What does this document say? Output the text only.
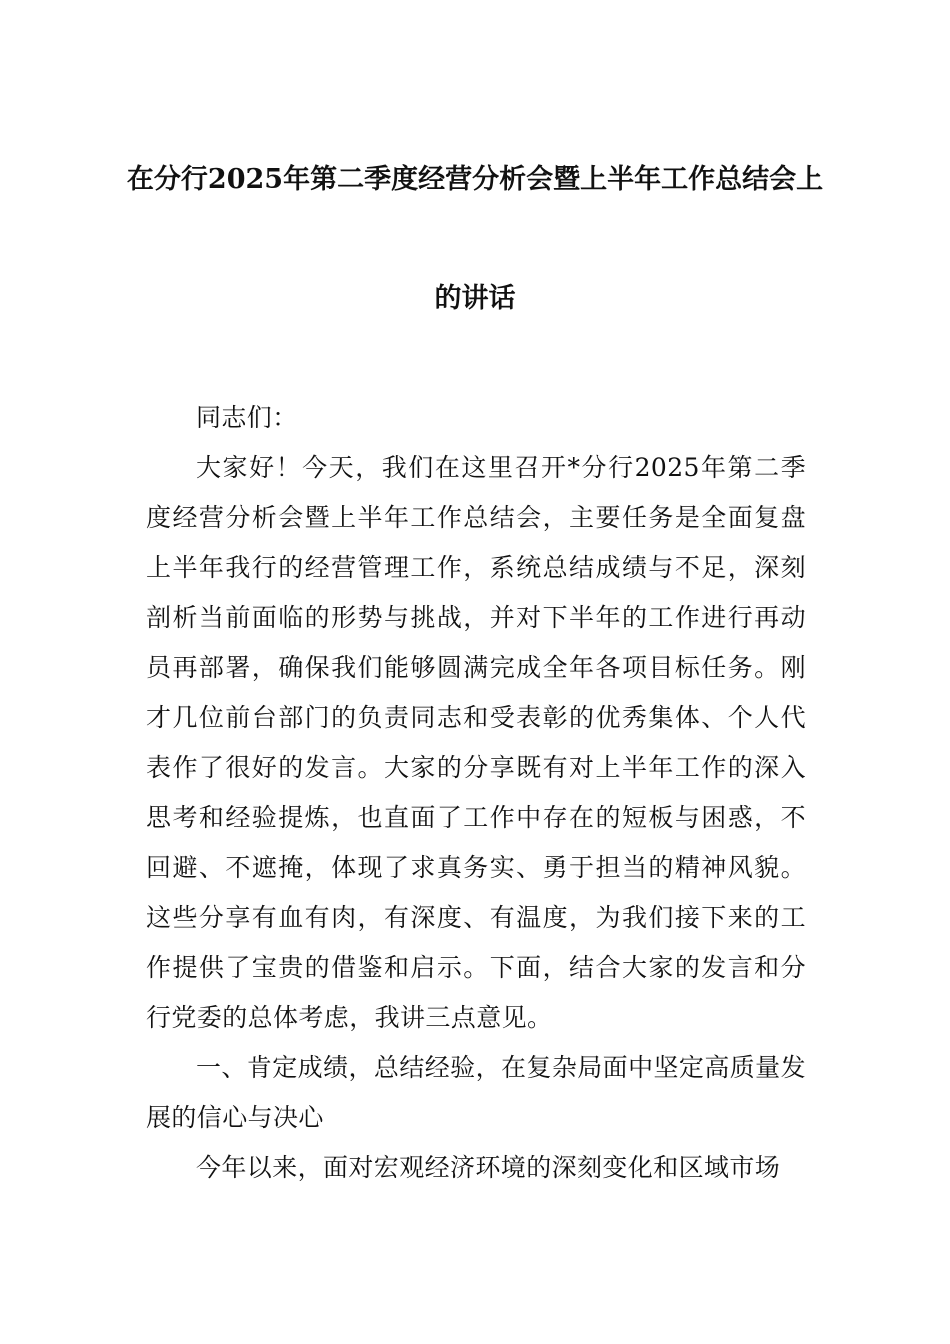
在分行2025年第二季度经营分析会暨上半年工作总结会上
的讲话

同志们：

大家好！今天，我们在这里召开*分行2025年第二季度经营分析会暨上半年工作总结会，主要任务是全面复盘上半年我行的经营管理工作，系统总结成绩与不足，深刻剖析当前面临的形势与挑战，并对下半年的工作进行再动员再部署，确保我们能够圆满完成全年各项目标任务。刚才几位前台部门的负责同志和受表彰的优秀集体、个人代表作了很好的发言。大家的分享既有对上半年工作的深入思考和经验提炼，也直面了工作中存在的短板与困惑，不回避、不遮掩，体现了求真务实、勇于担当的精神风貌。这些分享有血有肉，有深度、有温度，为我们接下来的工作提供了宝贵的借鉴和启示。下面，结合大家的发言和分行党委的总体考虑，我讲三点意见。

一、肯定成绩，总结经验，在复杂局面中坚定高质量发展的信心与决心

今年以来，面对宏观经济环境的深刻变化和区域市场
